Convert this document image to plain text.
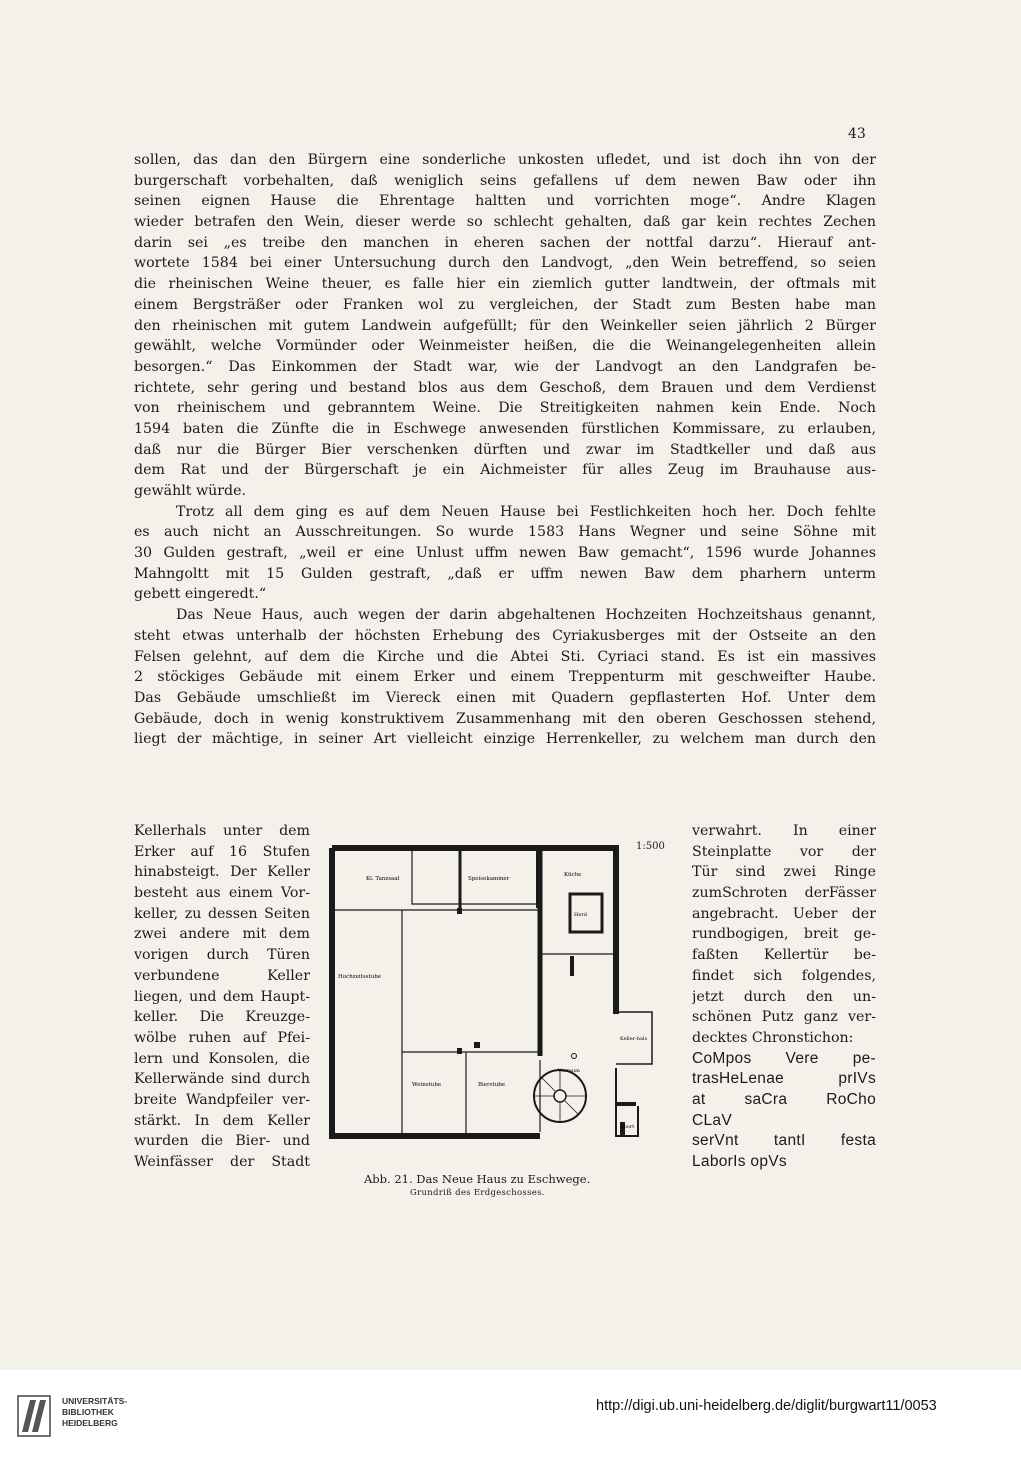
43
sollen, das dan den Bürgern eine sonderliche unkosten ufledet, und ist doch ihn von der
burgerschaft vorbehalten, daß weniglich seins gefallens uf dem newen Baw oder ihn
seinen eignen Hause die Ehrentage haltten und vorrichten moge“. Andre Klagen
wieder betrafen den Wein, dieser werde so schlecht gehalten, daß gar kein rechtes Zechen
darin sei „es treibe den manchen in eheren sachen der nottfal darzu“. Hierauf ant-
wortete 1584 bei einer Untersuchung durch den Landvogt, „den Wein betreffend, so seien
die rheinischen Weine theuer, es falle hier ein ziemlich gutter landtwein, der oftmals mit
einem Bergsträßer oder Franken wol zu vergleichen, der Stadt zum Besten habe man
den rheinischen mit gutem Landwein aufgefüllt; für den Weinkeller seien jährlich 2 Bürger
gewählt, welche Vormünder oder Weinmeister heißen, die die Weinangelegenheiten allein
besorgen.“ Das Einkommen der Stadt war, wie der Landvogt an den Landgrafen be-
richtete, sehr gering und bestand blos aus dem Geschoß, dem Brauen und dem Verdienst
von rheinischem und gebranntem Weine. Die Streitigkeiten nahmen kein Ende. Noch
1594 baten die Zünfte die in Eschwege anwesenden fürstlichen Kommissare, zu erlauben,
daß nur die Bürger Bier verschenken dürften und zwar im Stadtkeller und daß aus
dem Rat und der Bürgerschaft je ein Aichmeister für alles Zeug im Brauhause aus-
gewählt würde.
Trotz all dem ging es auf dem Neuen Hause bei Festlichkeiten hoch her. Doch fehlte
es auch nicht an Ausschreitungen. So wurde 1583 Hans Wegner und seine Söhne mit
30 Gulden gestraft, „weil er eine Unlust uffm newen Baw gemacht“, 1596 wurde Johannes
Mahngoltt mit 15 Gulden gestraft, „daß er uffm newen Baw dem pharhern unterm
gebett eingeredt.“
Das Neue Haus, auch wegen der darin abgehaltenen Hochzeiten Hochzeitshaus genannt,
steht etwas unterhalb der höchsten Erhebung des Cyriakusberges mit der Ostseite an den
Felsen gelehnt, auf dem die Kirche und die Abtei Sti. Cyriaci stand. Es ist ein massives
2 stöckiges Gebäude mit einem Erker und einem Treppenturm mit geschweifter Haube.
Das Gebäude umschließt im Viereck einen mit Quadern gepflasterten Hof. Unter dem
Gebäude, doch in wenig konstruktivem Zusammenhang mit den oberen Geschossen stehend,
liegt der mächtige, in seiner Art vielleicht einzige Herrenkeller, zu welchem man durch den
Kellerhals unter dem
Erker auf 16 Stufen
hinabsteigt. Der Keller
besteht aus einem Vor-
keller, zu dessen Seiten
zwei andere mit dem
vorigen durch Türen
verbundene Keller
liegen, und dem Haupt-
keller. Die Kreuzge-
wölbe ruhen auf Pfei-
lern und Konsolen, die
Kellerwände sind durch
breite Wandpfeiler ver-
stärkt. In dem Keller
wurden die Bier- und
Weinfässer der Stadt
verwahrt. In einer
Steinplatte vor der
Tür sind zwei Ringe
zumSchroten derFässer
angebracht. Ueber der
rundbogigen, breit ge-
faßten Kellertür be-
findet sich folgendes,
jetzt durch den un-
schönen Putz ganz ver-
decktes Chronstichon:
CoMpos Vere pe-
trasHeLenae prIVs
at saCra RoCho
CLaV
serVnt tantI festa
LaborIs opVs
1:500
Kl. Tanzsaal	Speisekammer
Küche
Herd
Hochzeitsstube
Weinstube	Bierstube
Vorraum
Keller-hals
Abort
Abb. 21. Das Neue Haus zu Eschwege.
Grundriß des Erdgeschosses.
UNIVERSITÄTS-
BIBLIOTHEK
HEIDELBERG
http://digi.ub.uni-heidelberg.de/diglit/burgwart11/0053
